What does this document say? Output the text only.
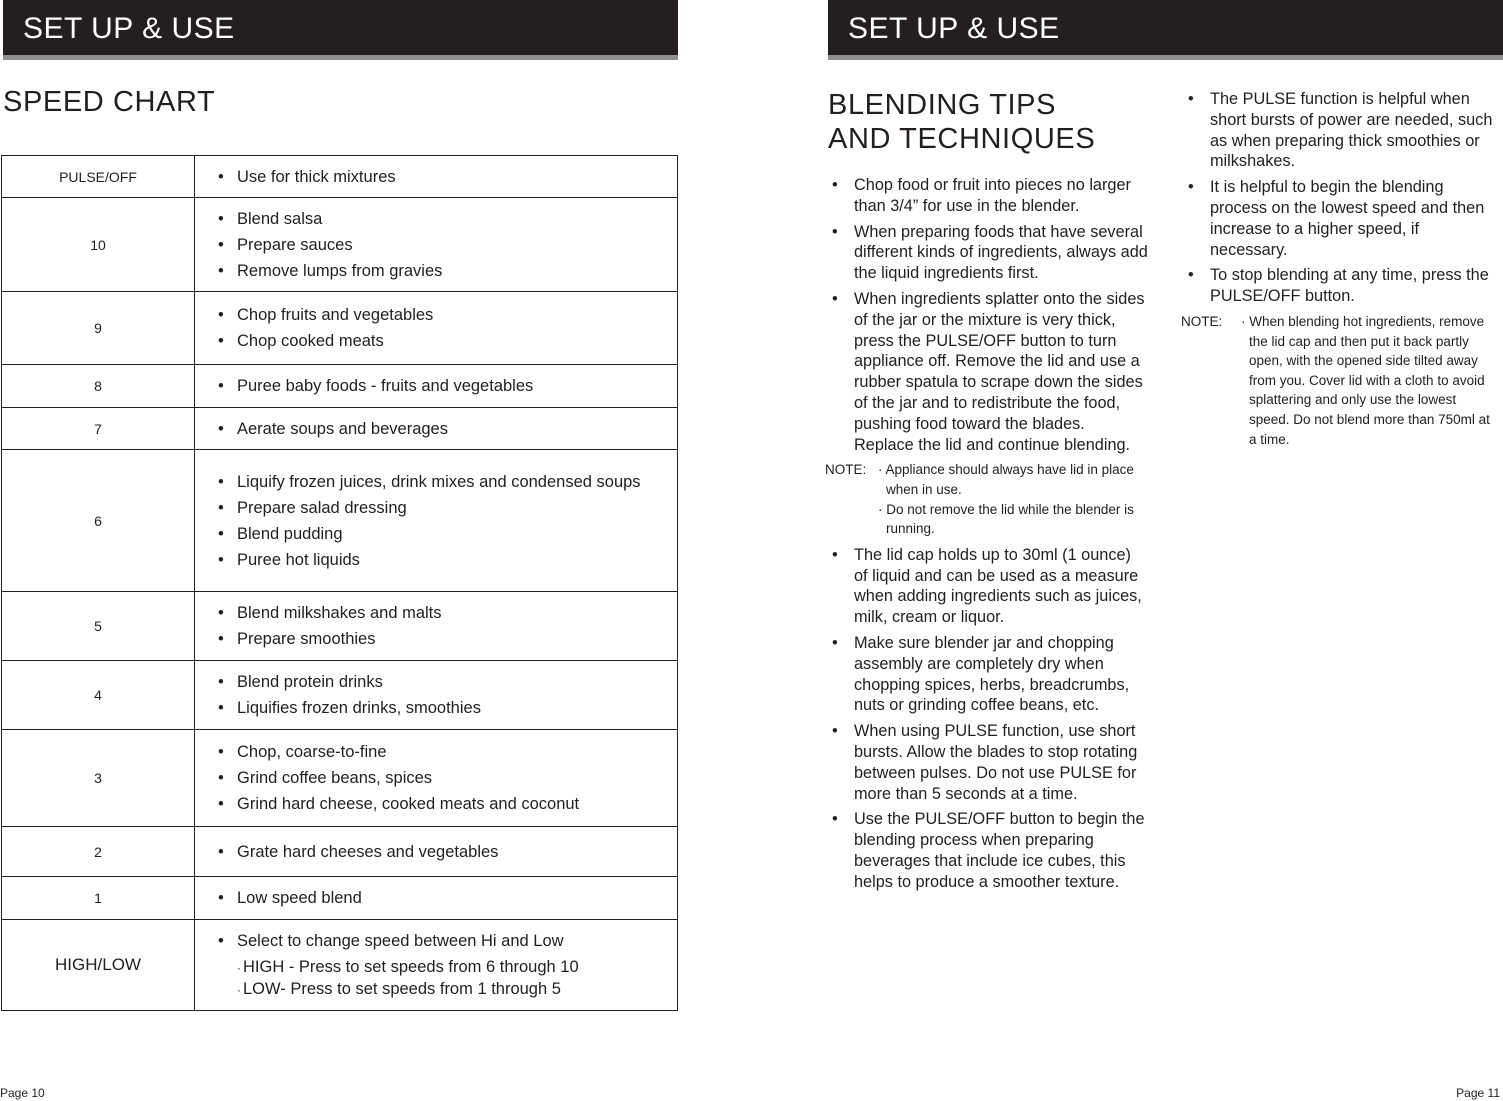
SET UP & USE
SPEED CHART
PULSE/OFF	• Use for thick mixtures

10	• Blend salsa
• Prepare sauces
• Remove lumps from gravies

9	• Chop fruits and vegetables
• Chop cooked meats

8	• Puree baby foods - fruits and vegetables

7	• Aerate soups and beverages

6	• Liquify frozen juices, drink mixes and condensed soups
• Prepare salad dressing
• Blend pudding
• Puree hot liquids

5	• Blend milkshakes and malts
• Prepare smoothies

4	• Blend protein drinks
• Liquifies frozen drinks, smoothies

3	• Chop, coarse-to-fine
• Grind coffee beans, spices
• Grind hard cheese, cooked meats and coconut

2	• Grate hard cheeses and vegetables

1	• Low speed blend

HIGH/LOW	• Select to change speed between Hi and Low
· HIGH - Press to set speeds from 6 through 10
· LOW- Press to set speeds from 1 through 5
Page 10
SET UP & USE
BLENDING TIPS
AND TECHNIQUES
• Chop food or fruit into pieces no larger than 3/4” for use in the blender.
• When preparing foods that have several different kinds of ingredients, always add the liquid ingredients first.
• When ingredients splatter onto the sides of the jar or the mixture is very thick, press the PULSE/OFF button to turn appliance off. Remove the lid and use a rubber spatula to scrape down the sides of the jar and to redistribute the food, pushing food toward the blades. Replace the lid and continue blending.
NOTE: · Appliance should always have lid in place when in use.
· Do not remove the lid while the blender is running.
• The lid cap holds up to 30ml (1 ounce) of liquid and can be used as a measure when adding ingredients such as juices, milk, cream or liquor.
• Make sure blender jar and chopping assembly are completely dry when chopping spices, herbs, breadcrumbs, nuts or grinding coffee beans, etc.
• When using PULSE function, use short bursts. Allow the blades to stop rotating between pulses. Do not use PULSE for more than 5 seconds at a time.
• Use the PULSE/OFF button to begin the blending process when preparing beverages that include ice cubes, this helps to produce a smoother texture.
• The PULSE function is helpful when short bursts of power are needed, such as when preparing thick smoothies or milkshakes.
• It is helpful to begin the blending process on the lowest speed and then increase to a higher speed, if necessary.
• To stop blending at any time, press the PULSE/OFF button.
NOTE: · When blending hot ingredients, remove the lid cap and then put it back partly open, with the opened side tilted away from you. Cover lid with a cloth to avoid splattering and only use the lowest speed. Do not blend more than 750ml at a time.
Page 11
